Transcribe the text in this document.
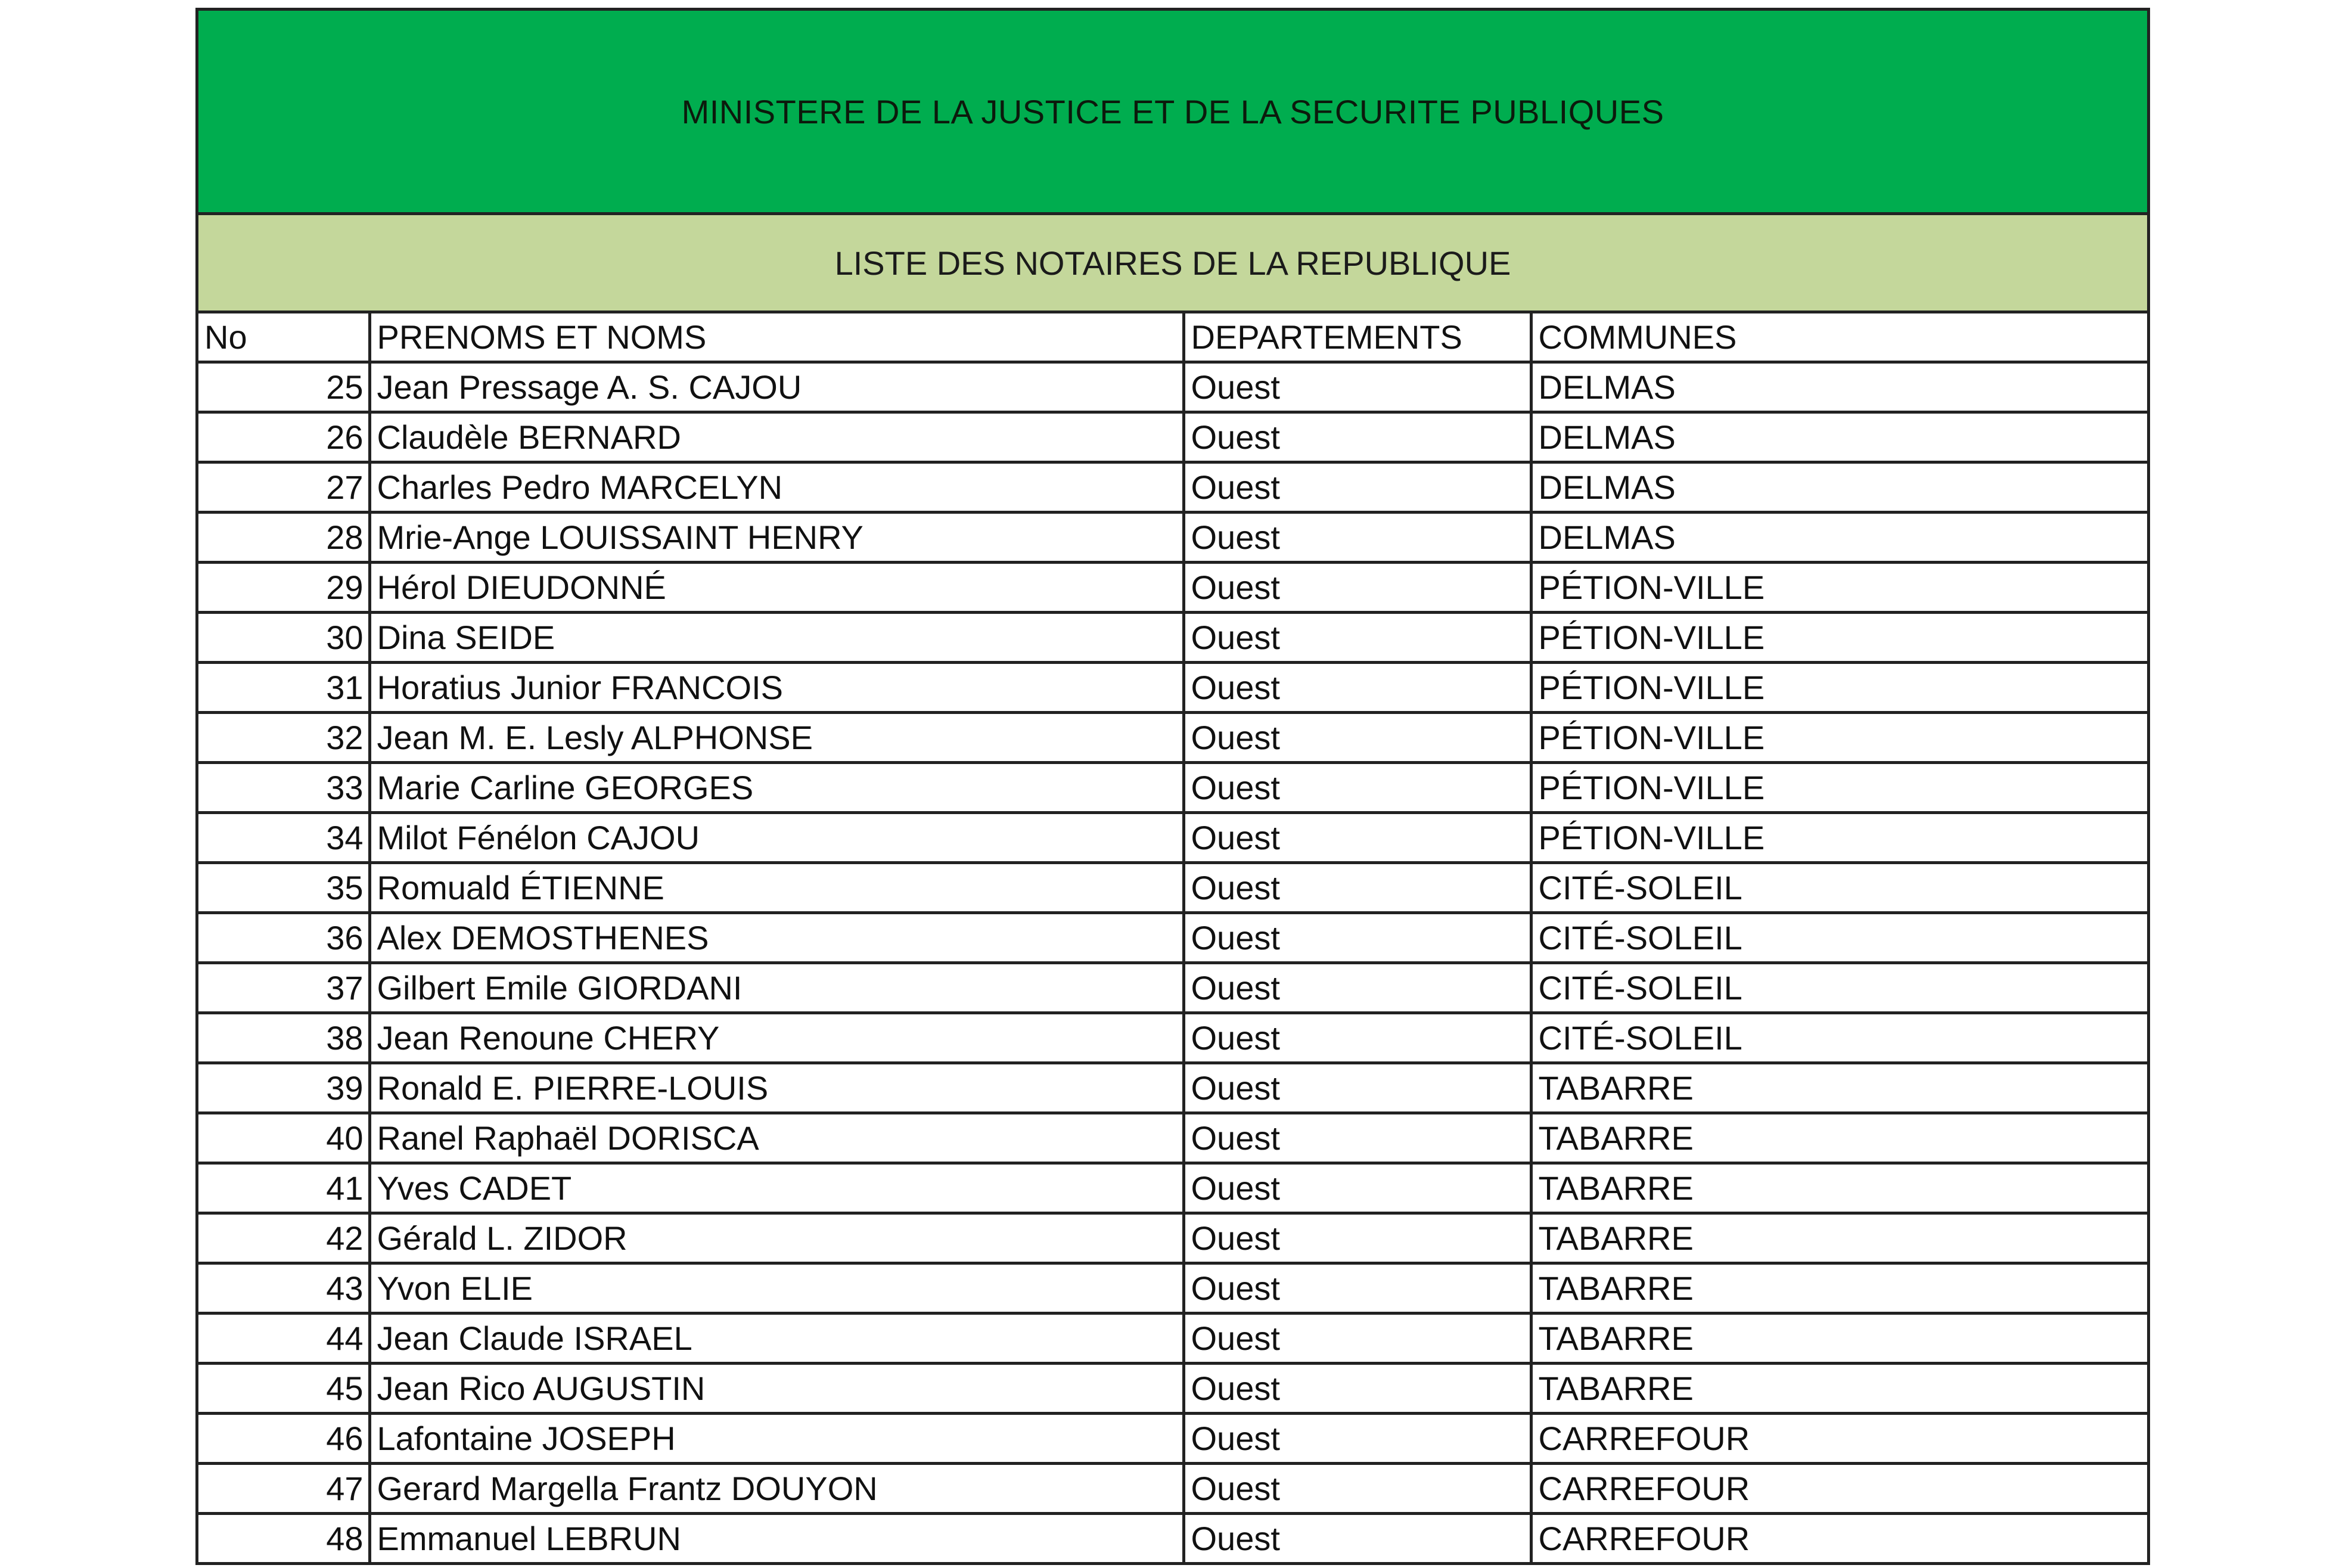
MINISTERE DE LA JUSTICE ET DE LA SECURITE PUBLIQUES
LISTE DES NOTAIRES DE LA REPUBLIQUE
No	PRENOMS ET NOMS	DEPARTEMENTS	COMMUNES
25	Jean Pressage A. S. CAJOU	Ouest	DELMAS
26	Claudèle BERNARD	Ouest	DELMAS
27	Charles Pedro MARCELYN	Ouest	DELMAS
28	Mrie-Ange LOUISSAINT HENRY	Ouest	DELMAS
29	Hérol DIEUDONNÉ	Ouest	PÉTION-VILLE
30	Dina SEIDE	Ouest	PÉTION-VILLE
31	Horatius Junior FRANCOIS	Ouest	PÉTION-VILLE
32	Jean M. E. Lesly ALPHONSE	Ouest	PÉTION-VILLE
33	Marie Carline GEORGES	Ouest	PÉTION-VILLE
34	Milot Fénélon CAJOU	Ouest	PÉTION-VILLE
35	Romuald ÉTIENNE	Ouest	CITÉ-SOLEIL
36	Alex DEMOSTHENES	Ouest	CITÉ-SOLEIL
37	Gilbert Emile GIORDANI	Ouest	CITÉ-SOLEIL
38	Jean Renoune CHERY	Ouest	CITÉ-SOLEIL
39	Ronald E. PIERRE-LOUIS	Ouest	TABARRE
40	Ranel Raphaël DORISCA	Ouest	TABARRE
41	Yves CADET	Ouest	TABARRE
42	Gérald L. ZIDOR	Ouest	TABARRE
43	Yvon ELIE	Ouest	TABARRE
44	Jean Claude ISRAEL	Ouest	TABARRE
45	Jean Rico AUGUSTIN	Ouest	TABARRE
46	Lafontaine JOSEPH	Ouest	CARREFOUR
47	Gerard Margella Frantz DOUYON	Ouest	CARREFOUR
48	Emmanuel LEBRUN	Ouest	CARREFOUR
